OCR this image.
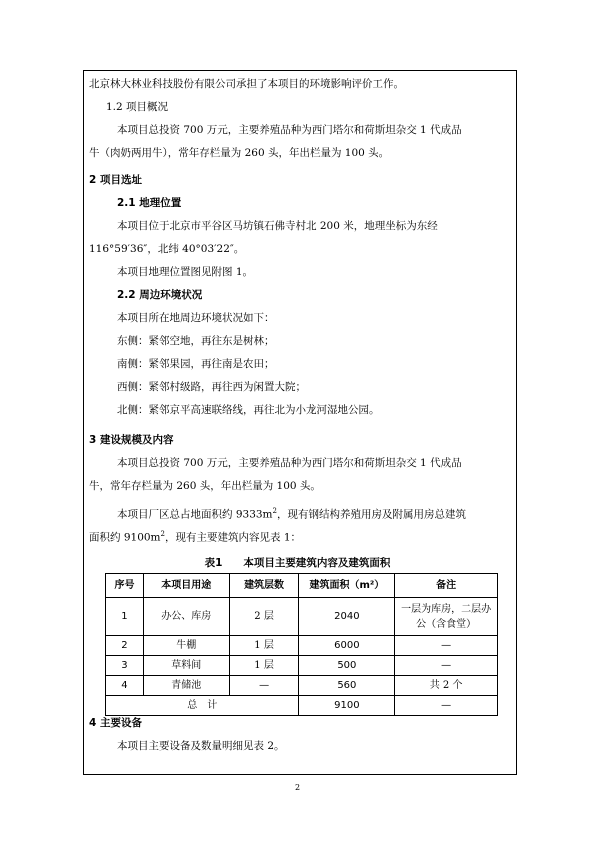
北京林大林业科技股份有限公司承担了本项目的环境影响评价工作。
1.2 项目概况
本项目总投资 700 万元，主要养殖品种为西门塔尔和荷斯坦杂交 1 代成品
牛（肉奶两用牛），常年存栏量为 260 头，年出栏量为 100 头。
2 项目选址
2.1 地理位置
本项目位于北京市平谷区马坊镇石佛寺村北 200 米，地理坐标为东经
116°59′36″，北纬 40°03′22″。
本项目地理位置图见附图 1。
2.2 周边环境状况
本项目所在地周边环境状况如下：
东侧：紧邻空地，再往东是树林；
南侧：紧邻果园，再往南是农田；
西侧：紧邻村级路，再往西为闲置大院；
北侧：紧邻京平高速联络线，再往北为小龙河湿地公园。
3 建设规模及内容
本项目总投资 700 万元，主要养殖品种为西门塔尔和荷斯坦杂交 1 代成品
牛，常年存栏量为 260 头，年出栏量为 100 头。
本项目厂区总占地面积约 $9333m^2$，现有钢结构养殖用房及附属用房总建筑
面积约 $9100m^2$，现有主要建筑内容见表 1：
表1　　本项目主要建筑内容及建筑面积
序号	本项目用途	建筑层数	建筑面积（m²）	备注
1	办公、库房	2 层	2040	一层为库房，二层办公（含食堂）
2	牛棚	1 层	6000	—
3	草料间	1 层	500	—
4	青储池	—	560	共 2 个
总　计			9100	—
4 主要设备
本项目主要设备及数量明细见表 2。
2
